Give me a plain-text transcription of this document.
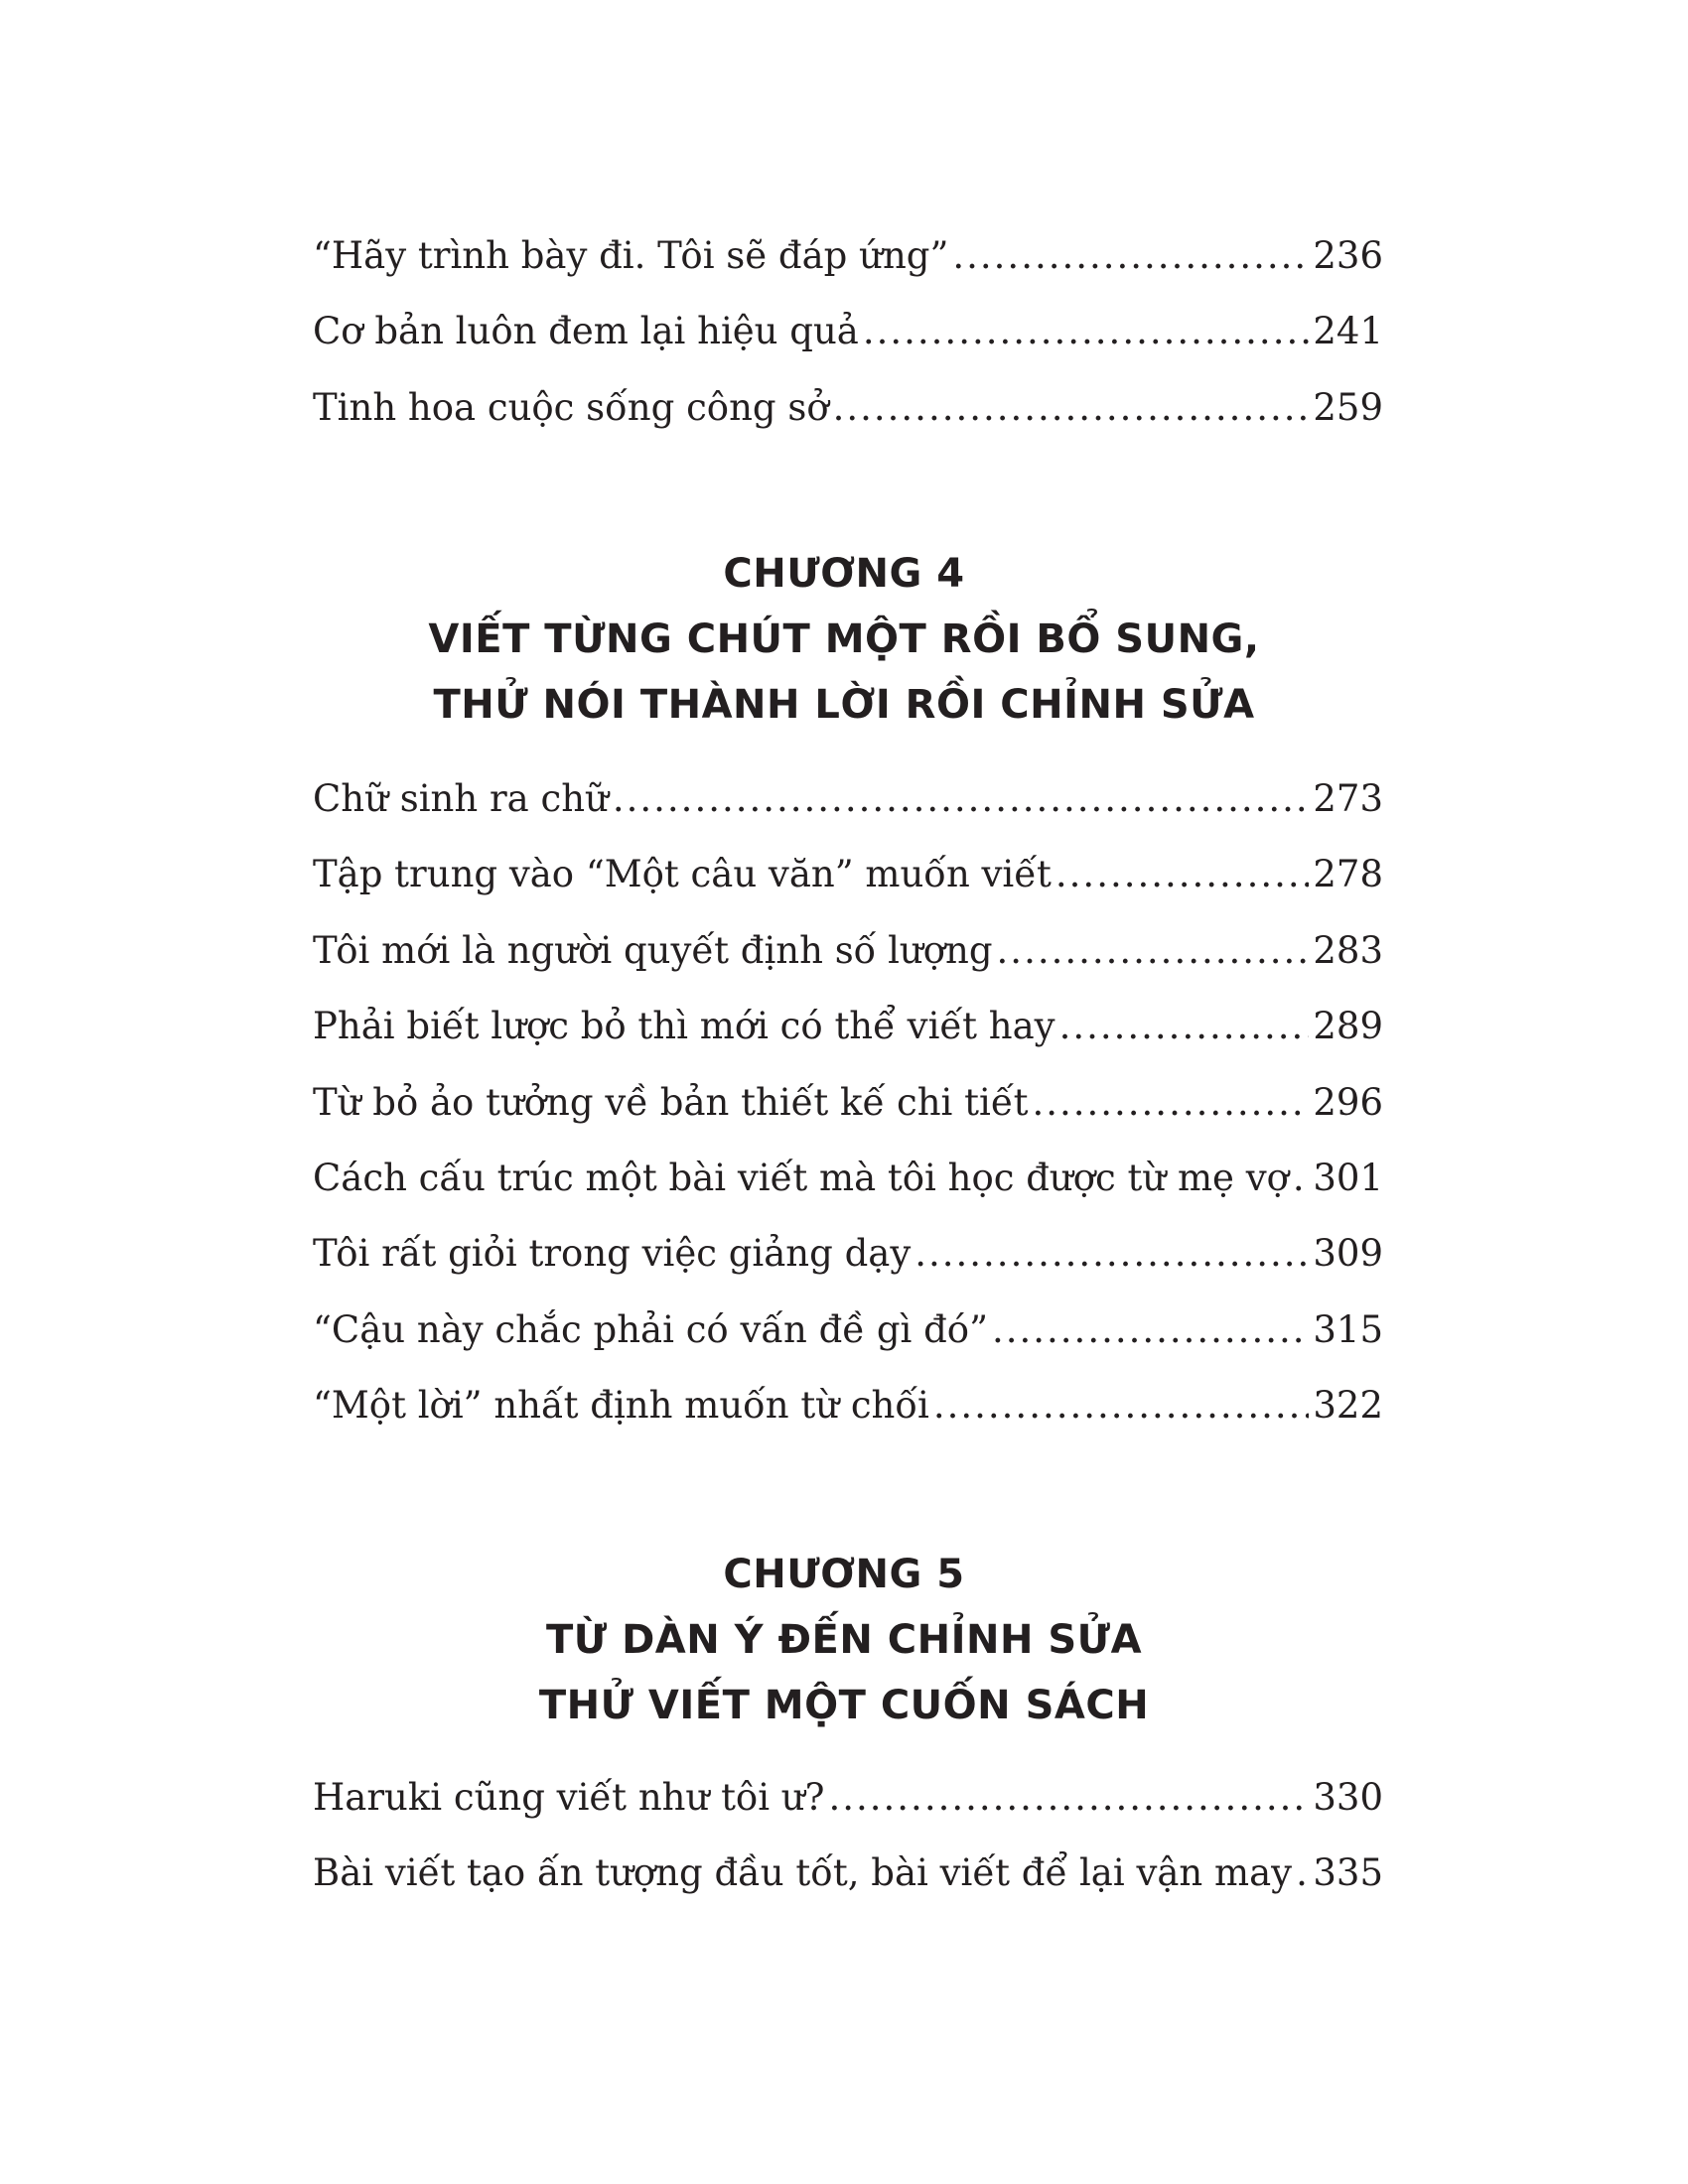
“Hãy trình bày đi. Tôi sẽ đáp ứng” .....	236
Cơ bản luôn đem lại hiệu quả .....	241
Tinh hoa cuộc sống công sở .....	259
CHƯƠNG 4
VIẾT TỪNG CHÚT MỘT RỒI BỔ SUNG,
THỬ NÓI THÀNH LỜI RỒI CHỈNH SỬA
Chữ sinh ra chữ .....	273
Tập trung vào “Một câu văn” muốn viết .....	278
Tôi mới là người quyết định số lượng .....	283
Phải biết lược bỏ thì mới có thể viết hay .....	289
Từ bỏ ảo tưởng về bản thiết kế chi tiết .....	296
Cách cấu trúc một bài viết mà tôi học được từ mẹ vợ ..... 301
Tôi rất giỏi trong việc giảng dạy .....	309
“Cậu này chắc phải có vấn đề gì đó” .....	315
“Một lời” nhất định muốn từ chối .....	322
CHƯƠNG 5
TỪ DÀN Ý ĐẾN CHỈNH SỬA
THỬ VIẾT MỘT CUỐN SÁCH
Haruki cũng viết như tôi ư? .....	330
Bài viết tạo ấn tượng đầu tốt, bài viết để lại vận may ..... 335
